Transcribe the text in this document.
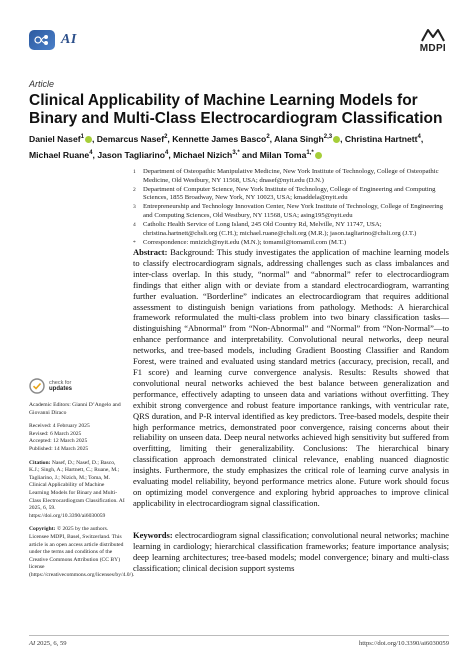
AI
MDPI
Article
Clinical Applicability of Machine Learning Models for Binary and Multi-Class Electrocardiogram Classification
Daniel Nasef$^1$ , Demarcus Nasef$^2$, Kennette James Basco$^2$, Alana Singh$^{2,3}$ , Christina Hartnett$^4$, Michael Ruane$^4$, Jason Tagliarino$^4$, Michael Nizich$^{3,*}$ and Milan Toma$^{1,*}$
1	Department of Osteopathic Manipulative Medicine, New York Institute of Technology, College of Osteopathic Medicine, Old Westbury, NY 11568, USA; dnasef@nyit.edu (D.N.)
2	Department of Computer Science, New York Institute of Technology, College of Engineering and Computing Sciences, 1855 Broadway, New York, NY 10023, USA; kmaddela@nyit.edu
3	Entrepreneurship and Technology Innovation Center, New York Institute of Technology, College of Engineering and Computing Sciences, Old Westbury, NY 11568, USA; asing195@nyit.edu
4	Catholic Health Service of Long Island, 245 Old Country Rd, Melville, NY 11747, USA; christina.hartnett@chsli.org (C.H.); michael.ruane@chsli.org (M.R.); jason.tagliarino@chsli.org (J.T.)
*	Correspondence: mnizich@nyit.edu (M.N.); tomamil@tomamil.com (M.T.)
Abstract: Background: This study investigates the application of machine learning models to classify electrocardiogram signals, addressing challenges such as class imbalances and inter-class overlap. In this study, “normal” and “abnormal” refer to electrocardiogram findings that either align with or deviate from a standard electrocardiogram, warranting further evaluation. “Borderline” indicates an electrocardiogram that requires additional assessment to distinguish benign variations from pathology. Methods: A hierarchical framework reformulated the multi-class problem into two binary classification tasks—distinguishing “Abnormal” from “Non-Abnormal” and “Normal” from “Non-Normal”—to enhance performance and interpretability. Convolutional neural networks, deep neural networks, and tree-based models, including Gradient Boosting Classifier and Random Forest, were trained and evaluated using standard metrics (accuracy, precision, recall, and F1 score) and learning curve convergence analysis. Results: Results showed that convolutional neural networks achieved the best balance between generalization and performance, effectively adapting to unseen data and variations without overfitting. They exhibit strong convergence and robust feature importance rankings, with ventricular rate, QRS duration, and P-R interval identified as key predictors. Tree-based models, despite their high performance metrics, demonstrated poor convergence, raising concerns about their reliability on unseen data. Deep neural networks achieved high sensitivity but suffered from overfitting, limiting their generalizability. Conclusions: The hierarchical binary classification approach demonstrated clinical relevance, enabling nuanced diagnostic insights. Furthermore, the study emphasizes the critical role of learning curve analysis in evaluating model reliability, beyond performance metrics alone. Future work should focus on optimizing model convergence and exploring hybrid approaches to improve clinical applicability in electrocardiogram signal classification.
Keywords: electrocardiogram signal classification; convolutional neural networks; machine learning in cardiology; hierarchical classification frameworks; feature importance analysis; deep learning architectures; tree-based models; model convergence; binary and multi-class classification; clinical decision support systems
check for
updates
Academic Editors: Gianni D’Angelo and Giovanni Diraco
Received: 4 February 2025
Revised: 6 March 2025
Accepted: 12 March 2025
Published: 14 March 2025
Citation: Nasef, D.; Nasef, D.; Basco, K.J.; Singh, A.; Hartnett, C.; Ruane, M.; Tagliarino, J.; Nizich, M.; Toma, M. Clinical Applicability of Machine Learning Models for Binary and Multi-Class Electrocardiogram Classification. AI 2025, 6, 59. https://doi.org/10.3390/ai6030059
Copyright: © 2025 by the authors. Licensee MDPI, Basel, Switzerland. This article is an open access article distributed under the terms and conditions of the Creative Commons Attribution (CC BY) license (https://creativecommons.org/licenses/by/4.0/).
AI 2025, 6, 59	https://doi.org/10.3390/ai6030059
